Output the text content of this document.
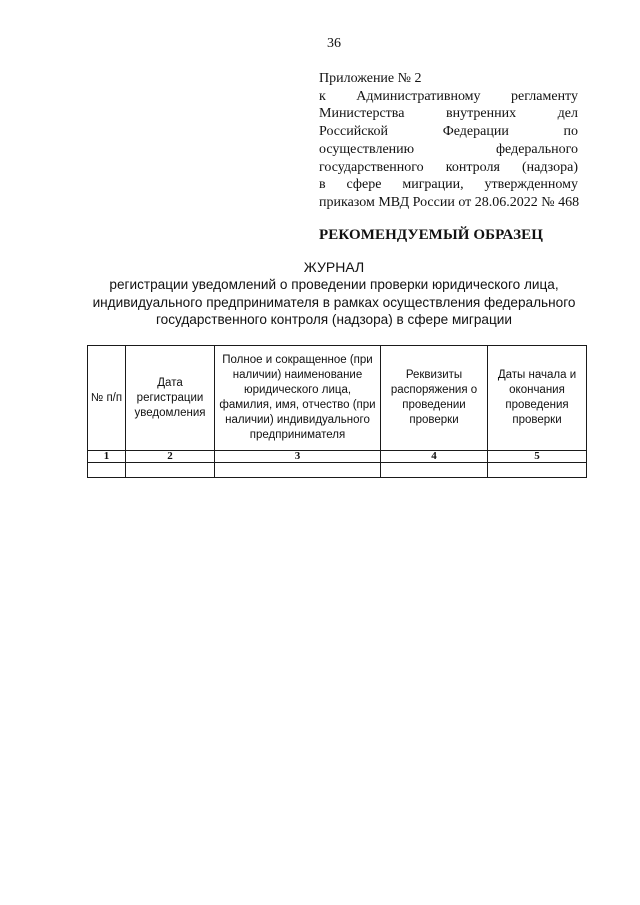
36
Приложение № 2
к Административному регламенту
Министерства внутренних дел
Российской Федерации по
осуществлению федерального
государственного контроля (надзора)
в сфере миграции, утвержденному
приказом МВД России от 28.06.2022 № 468
РЕКОМЕНДУЕМЫЙ ОБРАЗЕЦ
ЖУРНАЛ
регистрации уведомлений о проведении проверки юридического лица,
индивидуального предпринимателя в рамках осуществления федерального
государственного контроля (надзора) в сфере миграции
№ п/п	Дата регистрации уведомления	Полное и сокращенное (при наличии) наименование юридического лица, фамилия, имя, отчество (при наличии) индивидуального предпринимателя	Реквизиты распоряжения о проведении проверки	Даты начала и окончания проведения проверки
1	2	3	4	5
